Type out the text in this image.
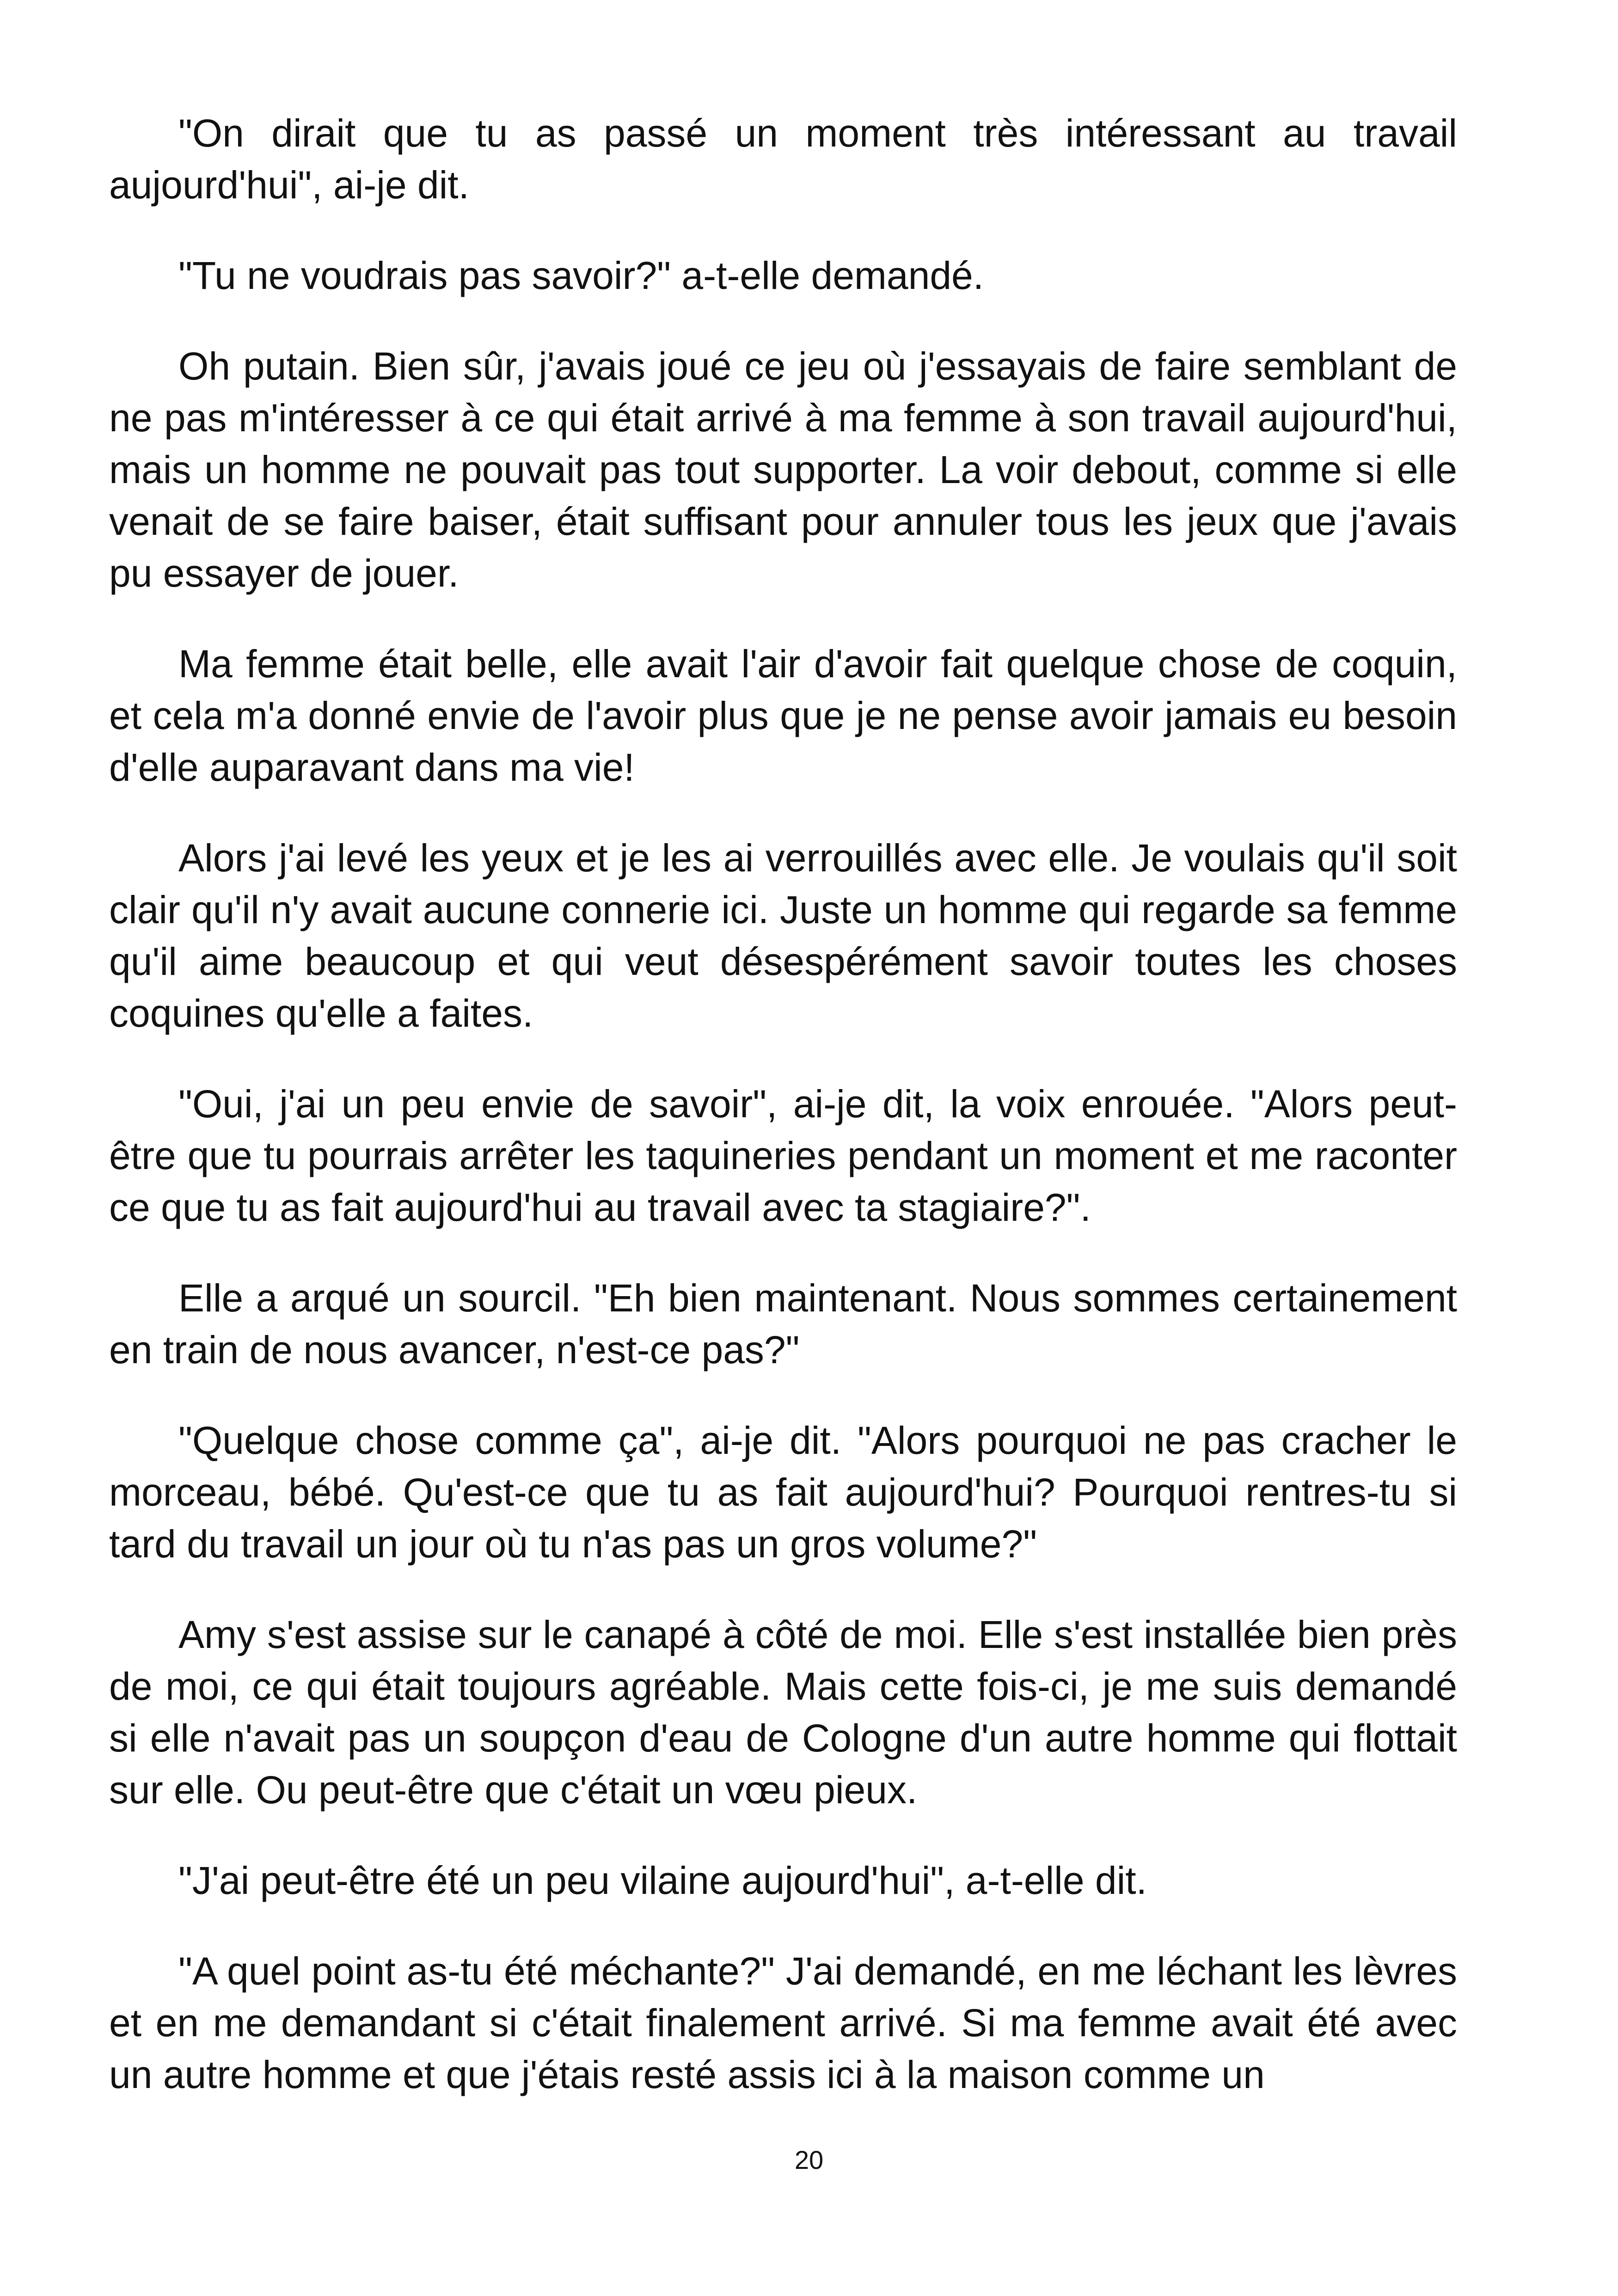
"On dirait que tu as passé un moment très intéressant au travail aujourd'hui", ai-je dit.

"Tu ne voudrais pas savoir?" a-t-elle demandé.

Oh putain. Bien sûr, j'avais joué ce jeu où j'essayais de faire semblant de ne pas m'intéresser à ce qui était arrivé à ma femme à son travail aujourd'hui, mais un homme ne pouvait pas tout supporter. La voir debout, comme si elle venait de se faire baiser, était suffisant pour annuler tous les jeux que j'avais pu essayer de jouer.

Ma femme était belle, elle avait l'air d'avoir fait quelque chose de coquin, et cela m'a donné envie de l'avoir plus que je ne pense avoir jamais eu besoin d'elle auparavant dans ma vie!

Alors j'ai levé les yeux et je les ai verrouillés avec elle. Je voulais qu'il soit clair qu'il n'y avait aucune connerie ici. Juste un homme qui regarde sa femme qu'il aime beaucoup et qui veut désespérément savoir toutes les choses coquines qu'elle a faites.

"Oui, j'ai un peu envie de savoir", ai-je dit, la voix enrouée. "Alors peut-être que tu pourrais arrêter les taquineries pendant un moment et me raconter ce que tu as fait aujourd'hui au travail avec ta stagiaire?".

Elle a arqué un sourcil. "Eh bien maintenant. Nous sommes certainement en train de nous avancer, n'est-ce pas?"

"Quelque chose comme ça", ai-je dit. "Alors pourquoi ne pas cracher le morceau, bébé. Qu'est-ce que tu as fait aujourd'hui? Pourquoi rentres-tu si tard du travail un jour où tu n'as pas un gros volume?"

Amy s'est assise sur le canapé à côté de moi. Elle s'est installée bien près de moi, ce qui était toujours agréable. Mais cette fois-ci, je me suis demandé si elle n'avait pas un soupçon d'eau de Cologne d'un autre homme qui flottait sur elle. Ou peut-être que c'était un vœu pieux.

"J'ai peut-être été un peu vilaine aujourd'hui", a-t-elle dit.

"A quel point as-tu été méchante?" J'ai demandé, en me léchant les lèvres et en me demandant si c'était finalement arrivé. Si ma femme avait été avec un autre homme et que j'étais resté assis ici à la maison comme un

20
